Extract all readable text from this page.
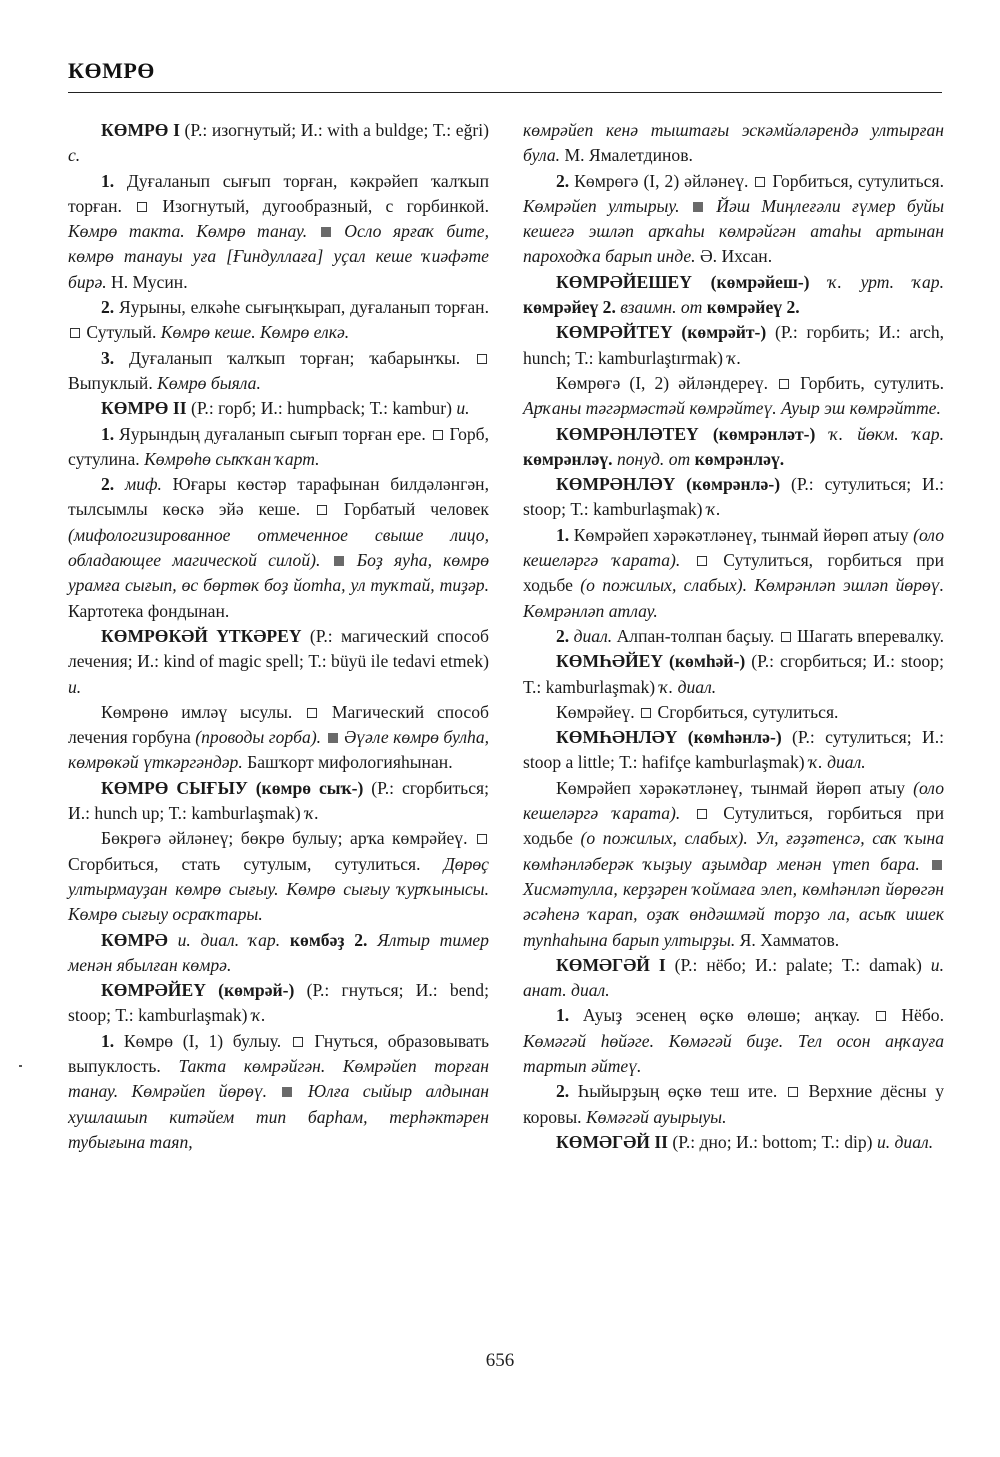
КӨМРӨ

КӨМРӨ I (Р.: изогнутый; И.: with a buldge; Т.: eğri) с.

1. Дуғаланып сығып торған, кәкрәйеп ҡалҡып торған.  Изогнутый, дугообразный, с горбинкой. Көмрө такта. Көмрө танау.  Осло ярғаҡ бите, көмрө танауы уға [Ғиндуллаға] уҫал кеше ҡиәфәте бирә. Н. Мусин.

2. Яурыны, елкәһе сығыңҡырап, дуғаланып торған.  Сутулый. Көмрө кеше. Көмрө елкә.

3. Дуғаланып ҡалҡып торған; ҡабарынҡы.  Выпуклый. Көмрө быяла.

КӨМРӨ II (Р.: горб; И.: humpback; Т.: kambur) и.

1. Яурындың дуғаланып сығып торған ере.  Горб, сутулина. Көмрөһө сыҡҡан ҡарт.

2. миф. Юғары көстәр тарафынан билдәләнгән, тылсымлы көскә эйә кеше.  Горбатый человек (мифологизированное отмеченное свыше лицо, обладающее магической силой).  Боҙ яуһа, көмрө урамға сығып, өс бөртөк боҙ йотһа, ул туҡтай, тиҙәр. Картотека фондынан.

КӨМРӨКӘЙ ҮТКӘРЕҮ (Р.: магический способ лечения; И.: kind of magic spell; Т.: büyü ile tedavi etmek) и.

Көмрөнө имләү ысулы.  Магический способ лечения горбуна (проводы горба).  Әүәле көмрө булһа, көмрөкәй үткәргәндәр. Башҡорт мифологияһынан.

КӨМРӨ СЫҒЫУ (көмрө сыҡ-) (Р.: сгорбиться; И.: hunch up; Т.: kamburlaşmak) ҡ.

Бөкрөгә әйләнеү; бөкрө булыу; арҡа көмрәйеү.  Сгорбиться, стать сутулым, сутулиться. Дөрөҫ ултырмауҙан көмрө сығыу. Көмрө сығыу ҡурҡынысы. Көмрө сығыу осраҡтары.

КӨМРӘ и. диал. ҡар. көмбәҙ 2. Ялтыр тимер менән ябылған көмрә.

КӨМРӘЙЕҮ (көмрәй-) (Р.: гнуться; И.: bend; stoop; Т.: kamburlaşmak) ҡ.

1. Көмрө (I, 1) булыу.  Гнуться, образовывать выпуклость. Такта көмрәйгән. Көмрәйеп торған танау. Көмрәйеп йөрөү.  Юлға сыйыр алдынан хушлашып китәйем тип барһам, терһәктәрен тубығына таяп,

көмрәйеп кенә тыштағы эскәмйәләрендә ултырған була. М. Ямалетдинов.

2. Көмрөгә (I, 2) әйләнеү.  Горбиться, сутулиться. Көмрәйеп ултырыу.  Йәш Миңлеғәли ғүмер буйы кешегә эшләп арҡаһы көмрәйгән атаһы артынан пароходҡа барып инде. Ә. Ихсан.

КӨМРӘЙЕШЕҮ (көмрәйеш-) ҡ. урт. ҡар. көмрәйеү 2. взаимн. от көмрәйеү 2.

КӨМРӘЙТЕҮ (көмрәйт-) (Р.: горбить; И.: arch, hunch; Т.: kamburlaştırmak) ҡ.

Көмрөгә (I, 2) әйләндереү.  Горбить, сутулить. Арҡаны тәгәрмәстәй көмрәйтеү. Ауыр эш көмрәйтте.

КӨМРӘНЛӘТЕҮ (көмрәнләт-) ҡ. йөкм. ҡар. көмрәнләү. понуд. от көмрәнләү.

КӨМРӘНЛӘҮ (көмрәнлә-) (Р.: сутулиться; И.: stoop; Т.: kamburlaşmak) ҡ.

1. Көмрәйеп хәрәкәтләнеү, тынмай йөрөп атыу (оло кешеләргә ҡарата).  Сутулиться, горбиться при ходьбе (о пожилых, слабых). Көмрәнләп эшләп йөрөү. Көмрәнләп атлау.

2. диал. Алпан-толпан баҫыу.  Шагать вперевалку.

КӨМҺӘЙЕҮ (көмһәй-) (Р.: сгорбиться; И.: stoop; Т.: kamburlaşmak) ҡ. диал.

Көмрәйеү.  Сгорбиться, сутулиться.

КӨМҺӘНЛӘҮ (көмһәнлә-) (Р.: сутулиться; И.: stoop a little; Т.: hafifçe kamburlaşmak) ҡ. диал.

Көмрәйеп хәрәкәтләнеү, тынмай йөрөп атыу (оло кешеләргә ҡарата).  Сутулиться, горбиться при ходьбе (о пожилых, слабых). Ул, ғәҙәтенсә, саҡ ҡына көмһәнләберәк ҡыҙыу аҙымдар менән үтеп бара.  Хисмәтулла, керҙәрен ҡоймаға элеп, көмһәнләп йөрөгән әсәһенә ҡарап, оҙаҡ өндәшмәй торҙо ла, асыҡ ишек тупһаһына барып ултырҙы. Я. Хамматов.

КӨМӘГӘЙ I (Р.: нёбо; И.: palate; Т.: damak) и. анат. диал.

1. Ауыҙ эсенең өҫкө өлөшө; аңҡау.  Нёбо. Көмәгәй һөйәге. Көмәгәй биҙе. Тел осон аңҡауға тартып әйтеү.

2. Һыйырҙың өҫкө теш ите.  Верхние дёсны у коровы. Көмәгәй ауырыуы.

КӨМӘГӘЙ II (Р.: дно; И.: bottom; Т.: dip) и. диал.

656
